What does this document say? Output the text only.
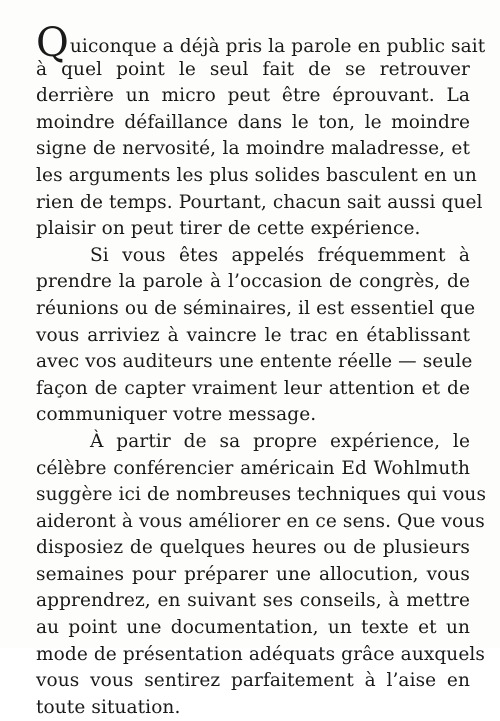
Quiconque a déjà pris la parole en public sait
à quel point le seul fait de se retrouver
derrière un micro peut être éprouvant. La
moindre défaillance dans le ton, le moindre
signe de nervosité, la moindre maladresse, et
les arguments les plus solides basculent en un
rien de temps. Pourtant, chacun sait aussi quel
plaisir on peut tirer de cette expérience.
Si vous êtes appelés fréquemment à
prendre la parole à l’occasion de congrès, de
réunions ou de séminaires, il est essentiel que
vous arriviez à vaincre le trac en établissant
avec vos auditeurs une entente réelle — seule
façon de capter vraiment leur attention et de
communiquer votre message.
À partir de sa propre expérience, le
célèbre conférencier américain Ed Wohlmuth
suggère ici de nombreuses techniques qui vous
aideront à vous améliorer en ce sens. Que vous
disposiez de quelques heures ou de plusieurs
semaines pour préparer une allocution, vous
apprendrez, en suivant ses conseils, à mettre
au point une documentation, un texte et un
mode de présentation adéquats grâce auxquels
vous vous sentirez parfaitement à l’aise en
toute situation.
